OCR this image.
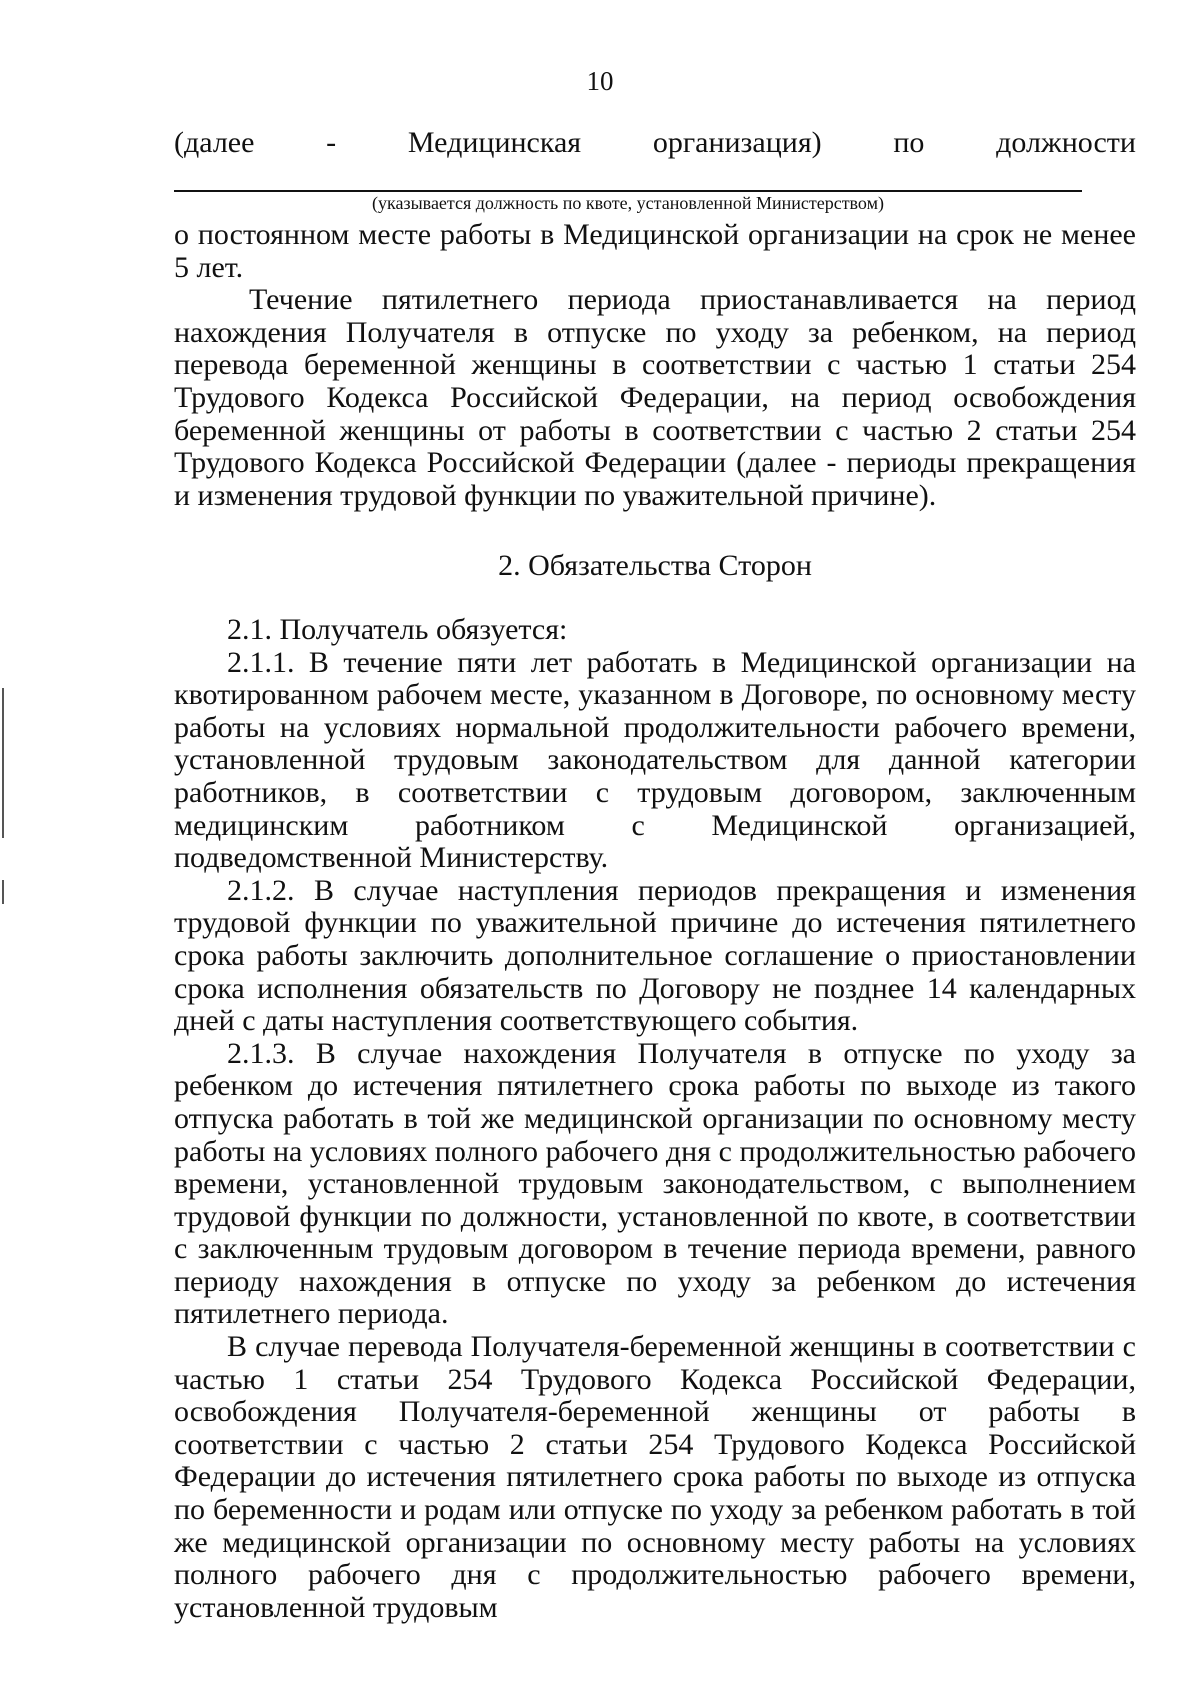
10
(далее - Медицинская организация) по должности
(указывается должность по квоте, установленной Министерством)

о постоянном месте работы в Медицинской организации на срок не менее 5 лет.

Течение пятилетнего периода приостанавливается на период нахождения Получателя в отпуске по уходу за ребенком, на период перевода беременной женщины в соответствии с частью 1 статьи 254 Трудового Кодекса Российской Федерации, на период освобождения беременной женщины от работы в соответствии с частью 2 статьи 254 Трудового Кодекса Российской Федерации (далее - периоды прекращения и изменения трудовой функции по уважительной причине).

2. Обязательства Сторон

2.1. Получатель обязуется:

2.1.1. В течение пяти лет работать в Медицинской организации на квотированном рабочем месте, указанном в Договоре, по основному месту работы на условиях нормальной продолжительности рабочего времени, установленной трудовым законодательством для данной категории работников, в соответствии с трудовым договором, заключенным медицинским работником с Медицинской организацией, подведомственной Министерству.

2.1.2. В случае наступления периодов прекращения и изменения трудовой функции по уважительной причине до истечения пятилетнего срока работы заключить дополнительное соглашение о приостановлении срока исполнения обязательств по Договору не позднее 14 календарных дней с даты наступления соответствующего события.

2.1.3. В случае нахождения Получателя в отпуске по уходу за ребенком до истечения пятилетнего срока работы по выходе из такого отпуска работать в той же медицинской организации по основному месту работы на условиях полного рабочего дня с продолжительностью рабочего времени, установленной трудовым законодательством, с выполнением трудовой функции по должности, установленной по квоте, в соответствии с заключенным трудовым договором в течение периода времени, равного периоду нахождения в отпуске по уходу за ребенком до истечения пятилетнего периода.

В случае перевода Получателя-беременной женщины в соответствии с частью 1 статьи 254 Трудового Кодекса Российской Федерации, освобождения Получателя-беременной женщины от работы в соответствии с частью 2 статьи 254 Трудового Кодекса Российской Федерации до истечения пятилетнего срока работы по выходе из отпуска по беременности и родам или отпуске по уходу за ребенком работать в той же медицинской организации по основному месту работы на условиях полного рабочего дня с продолжительностью рабочего времени, установленной трудовым
